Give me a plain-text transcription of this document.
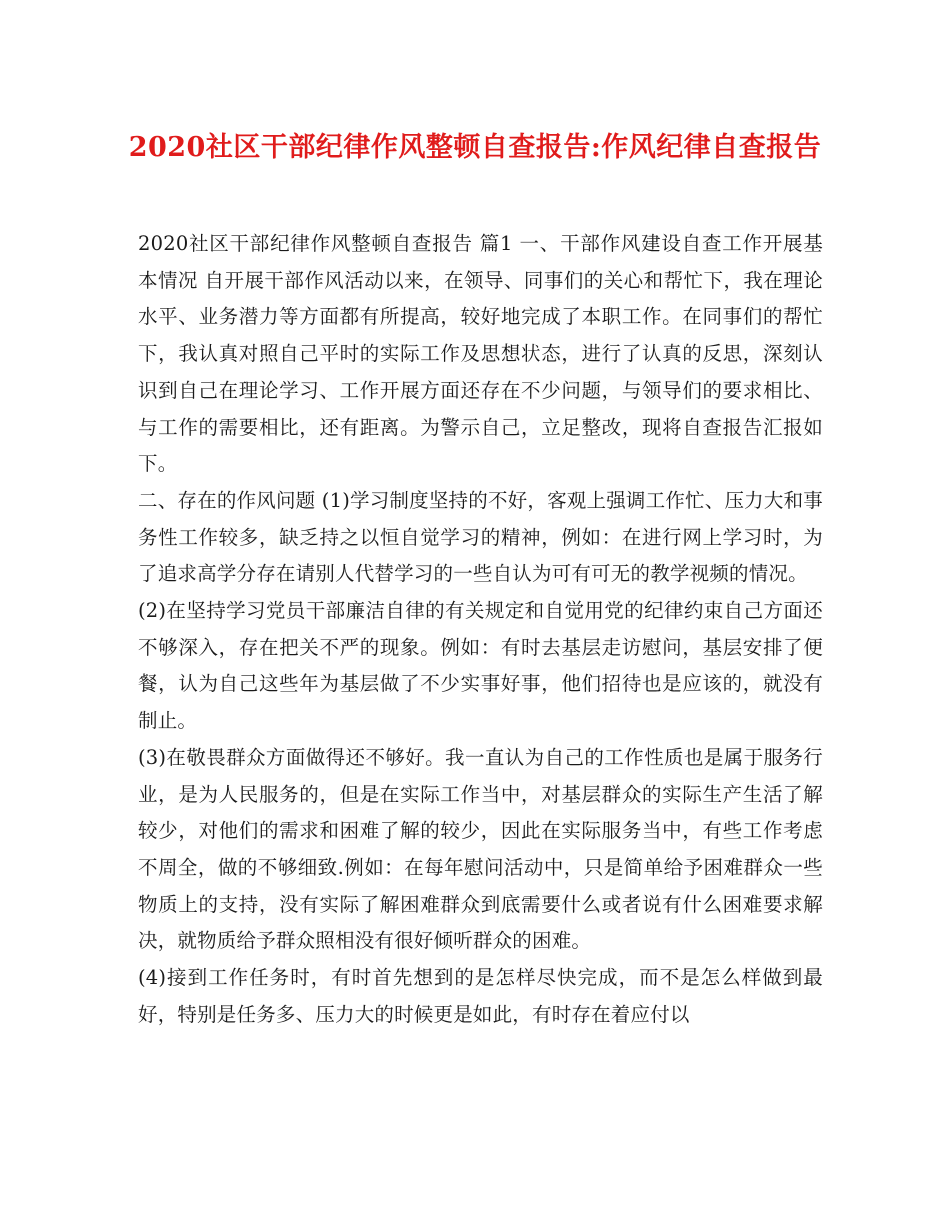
2020社区干部纪律作风整顿自查报告:作风纪律自查报告

2020社区干部纪律作风整顿自查报告 篇1 一、干部作风建设自查工作开展基本情况 自开展干部作风活动以来，在领导、同事们的关心和帮忙下，我在理论水平、业务潜力等方面都有所提高，较好地完成了本职工作。在同事们的帮忙下，我认真对照自己平时的实际工作及思想状态，进行了认真的反思，深刻认识到自己在理论学习、工作开展方面还存在不少问题，与领导们的要求相比、与工作的需要相比，还有距离。为警示自己，立足整改，现将自查报告汇报如下。

二、存在的作风问题 (1)学习制度坚持的不好，客观上强调工作忙、压力大和事务性工作较多，缺乏持之以恒自觉学习的精神，例如：在进行网上学习时，为了追求高学分存在请别人代替学习的一些自认为可有可无的教学视频的情况。

(2)在坚持学习党员干部廉洁自律的有关规定和自觉用党的纪律约束自己方面还不够深入，存在把关不严的现象。例如：有时去基层走访慰问，基层安排了便餐，认为自己这些年为基层做了不少实事好事，他们招待也是应该的，就没有制止。

(3)在敬畏群众方面做得还不够好。我一直认为自己的工作性质也是属于服务行业，是为人民服务的，但是在实际工作当中，对基层群众的实际生产生活了解较少，对他们的需求和困难了解的较少，因此在实际服务当中，有些工作考虑不周全，做的不够细致.例如：在每年慰问活动中，只是简单给予困难群众一些物质上的支持，没有实际了解困难群众到底需要什么或者说有什么困难要求解决，就物质给予群众照相没有很好倾听群众的困难。

(4)接到工作任务时，有时首先想到的是怎样尽快完成，而不是怎么样做到最好，特别是任务多、压力大的时候更是如此，有时存在着应付以
